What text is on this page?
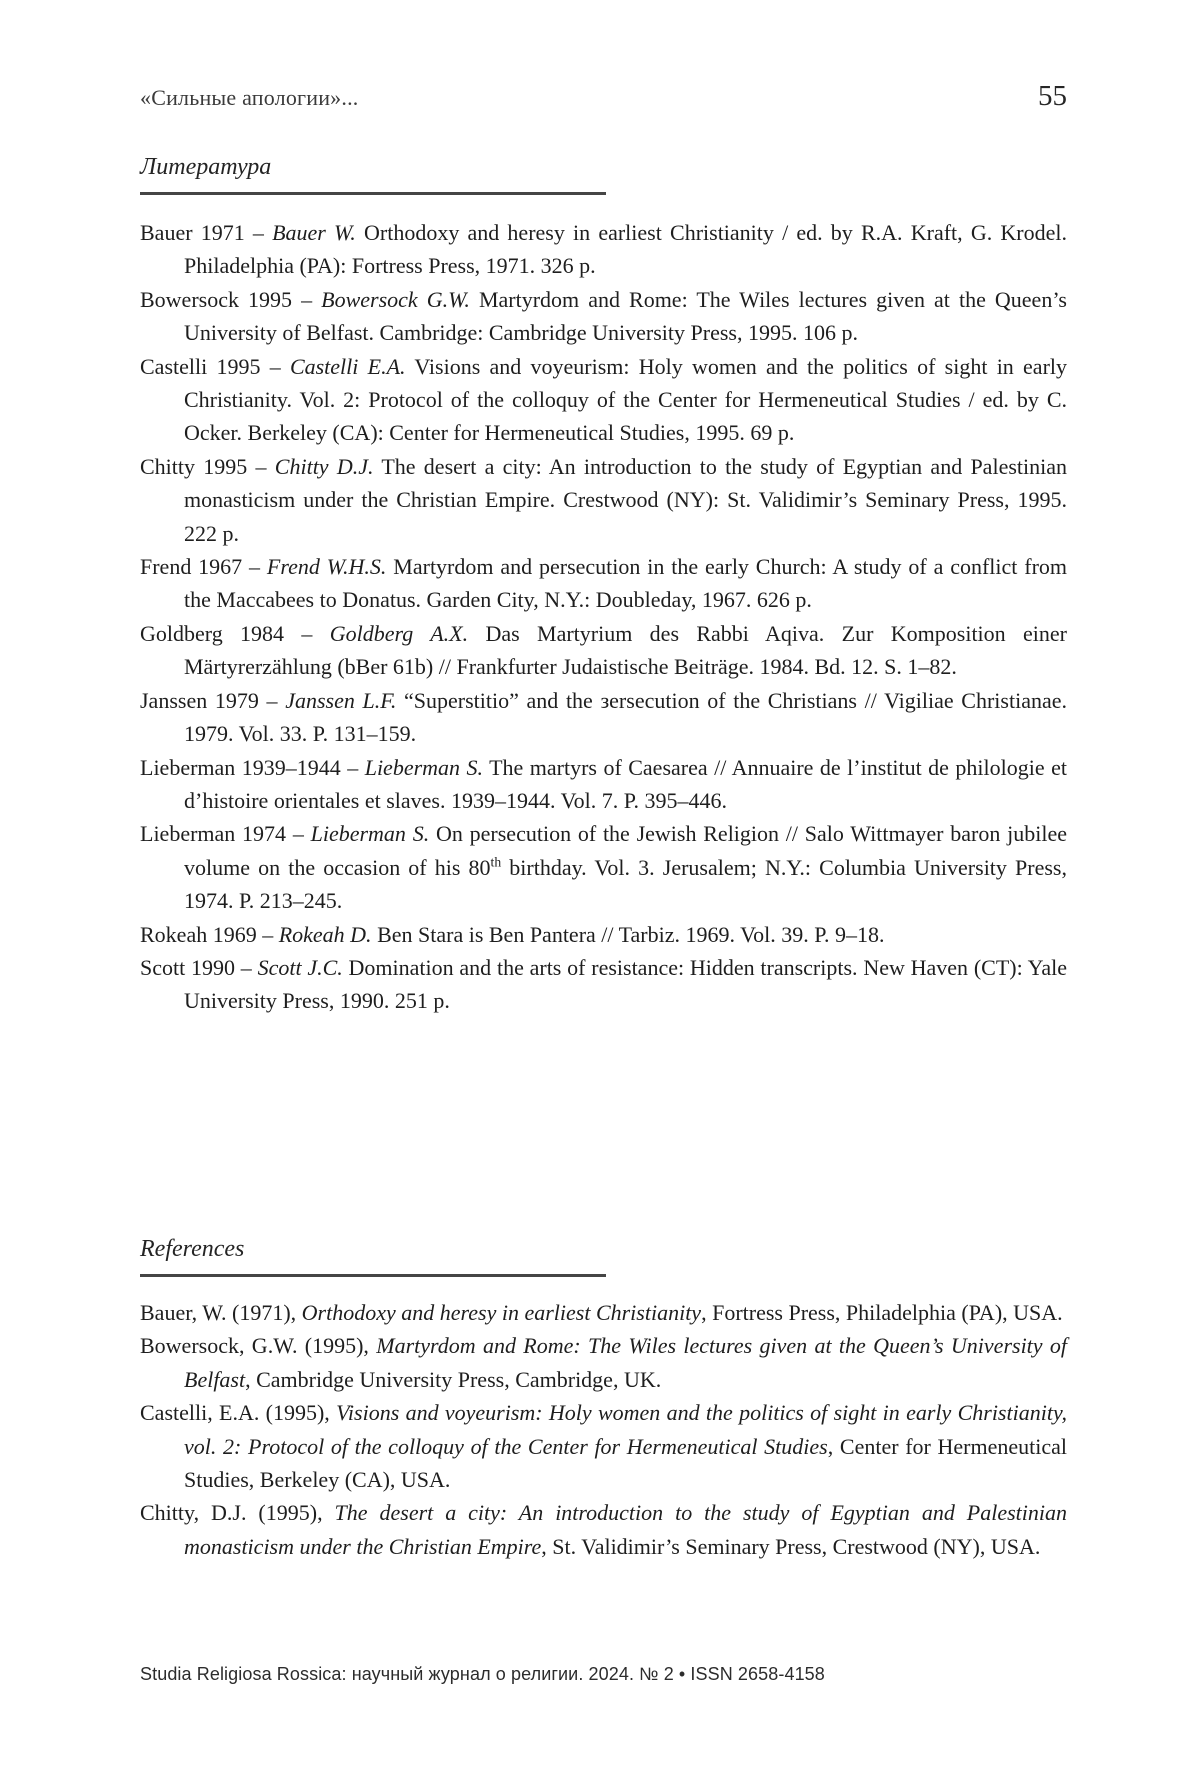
«Сильные апологии»...	55
Литература

Bauer 1971 – Bauer W. Orthodoxy and heresy in earliest Christianity / ed. by R.A. Kraft, G. Krodel. Philadelphia (PA): Fortress Press, 1971. 326 p.

Bowersock 1995 – Bowersock G.W. Martyrdom and Rome: The Wiles lectures given at the Queen’s University of Belfast. Cambridge: Cambridge University Press, 1995. 106 p.

Castelli 1995 – Castelli E.A. Visions and voyeurism: Holy women and the politics of sight in early Christianity. Vol. 2: Protocol of the colloquy of the Center for Hermeneutical Studies / ed. by C. Ocker. Berkeley (CA): Center for Hermeneutical Studies, 1995. 69 p.

Chitty 1995 – Chitty D.J. The desert a city: An introduction to the study of Egyptian and Palestinian monasticism under the Christian Empire. Crestwood (NY): St. Validimir’s Seminary Press, 1995. 222 p.

Frend 1967 – Frend W.H.S. Martyrdom and persecution in the early Church: A study of a conflict from the Maccabees to Donatus. Garden City, N.Y.: Doubleday, 1967. 626 p.

Goldberg 1984 – Goldberg A.X. Das Martyrium des Rabbi Aqiva. Zur Komposition einer Märtyrerzählung (bBer 61b) // Frankfurter Judaistische Beiträge. 1984. Bd. 12. S. 1–82.

Janssen 1979 – Janssen L.F. “Superstitio” and the зersecution of the Christians // Vigiliae Christianae. 1979. Vol. 33. P. 131–159.

Lieberman 1939–1944 – Lieberman S. The martyrs of Caesarea // Annuaire de l’institut de philologie et d’histoire orientales et slaves. 1939–1944. Vol. 7. P. 395–446.

Lieberman 1974 – Lieberman S. On persecution of the Jewish Religion // Salo Wittmayer baron jubilee volume on the occasion of his 80th birthday. Vol. 3. Jerusalem; N.Y.: Columbia University Press, 1974. P. 213–245.

Rokeah 1969 – Rokeah D. Ben Stara is Ben Pantera // Tarbiz. 1969. Vol. 39. P. 9–18.

Scott 1990 – Scott J.C. Domination and the arts of resistance: Hidden transcripts. New Haven (CT): Yale University Press, 1990. 251 p.

References

Bauer, W. (1971), Orthodoxy and heresy in earliest Christianity, Fortress Press, Philadelphia (PA), USA.

Bowersock, G.W. (1995), Martyrdom and Rome: The Wiles lectures given at the Queen’s University of Belfast, Cambridge University Press, Cambridge, UK.

Castelli, E.A. (1995), Visions and voyeurism: Holy women and the politics of sight in early Christianity, vol. 2: Protocol of the colloquy of the Center for Hermeneutical Studies, Center for Hermeneutical Studies, Berkeley (CA), USA.

Chitty, D.J. (1995), The desert a city: An introduction to the study of Egyptian and Palestinian monasticism under the Christian Empire, St. Validimir’s Seminary Press, Crestwood (NY), USA.

Studia Religiosa Rossica: научный журнал о религии. 2024. № 2 • ISSN 2658-4158
